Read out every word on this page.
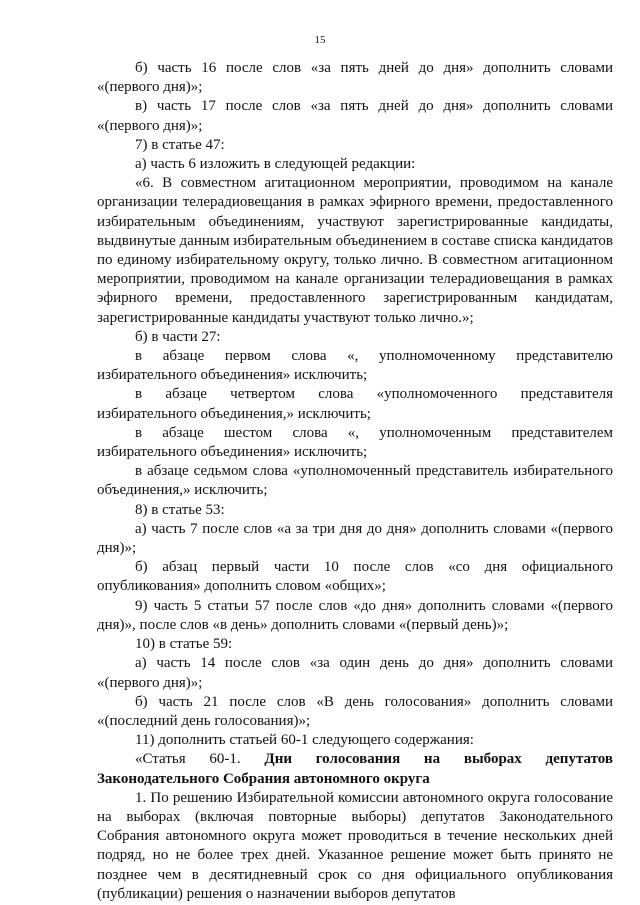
15

б) часть 16 после слов «за пять дней до дня» дополнить словами «(первого дня)»;

в) часть 17 после слов «за пять дней до дня» дополнить словами «(первого дня)»;

7) в статье 47:

а) часть 6 изложить в следующей редакции:

«6. В совместном агитационном мероприятии, проводимом на канале организации телерадиовещания в рамках эфирного времени, предоставленного избирательным объединениям, участвуют зарегистрированные кандидаты, выдвинутые данным избирательным объединением в составе списка кандидатов по единому избирательному округу, только лично. В совместном агитационном мероприятии, проводимом на канале организации телерадиовещания в рамках эфирного времени, предоставленного зарегистрированным кандидатам, зарегистрированные кандидаты участвуют только лично.»;

б) в части 27:

в абзаце первом слова «, уполномоченному представителю избирательного объединения» исключить;

в абзаце четвертом слова «уполномоченного представителя избирательного объединения,» исключить;

в абзаце шестом слова «, уполномоченным представителем избирательного объединения» исключить;

в абзаце седьмом слова «уполномоченный представитель избирательного объединения,» исключить;

8) в статье 53:

а) часть 7 после слов «а за три дня до дня» дополнить словами «(первого дня)»;

б) абзац первый части 10 после слов «со дня официального опубликования» дополнить словом «общих»;

9) часть 5 статьи 57 после слов «до дня» дополнить словами «(первого дня)», после слов «в день» дополнить словами «(первый день)»;

10) в статье 59:

а) часть 14 после слов «за один день до дня» дополнить словами «(первого дня)»;

б) часть 21 после слов «В день голосования» дополнить словами «(последний день голосования)»;

11) дополнить статьей 60-1 следующего содержания:

«Статья 60-1. Дни голосования на выборах депутатов Законодательного Собрания автономного округа

1. По решению Избирательной комиссии автономного округа голосование на выборах (включая повторные выборы) депутатов Законодательного Собрания автономного округа может проводиться в течение нескольких дней подряд, но не более трех дней. Указанное решение может быть принято не позднее чем в десятидневный срок со дня официального опубликования (публикации) решения о назначении выборов депутатов
